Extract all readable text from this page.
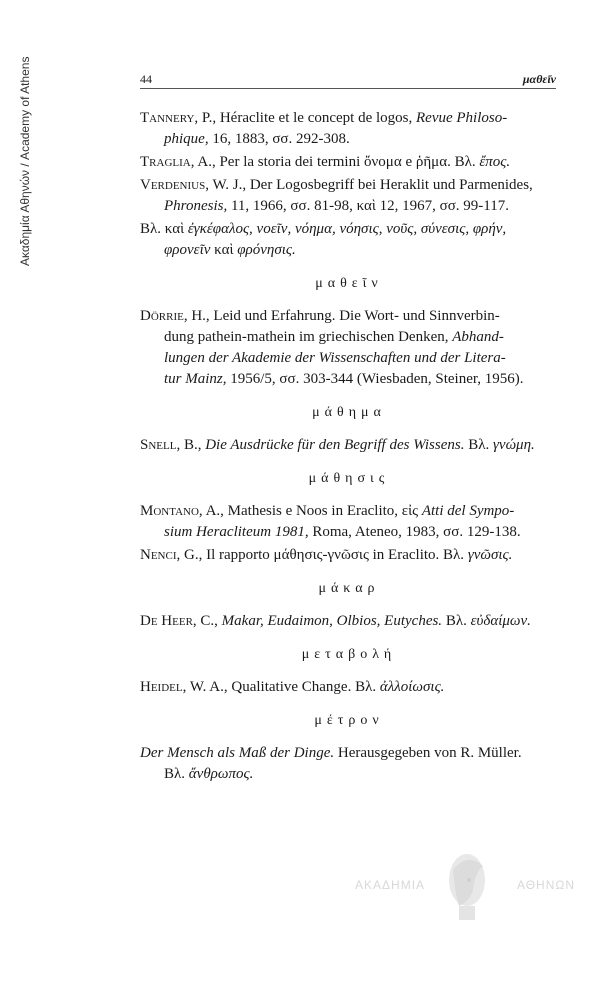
Ακαδημία Αθηνών / Academy of Athens	44	μαθεῖν

Tannery, P., Héraclite et le concept de logos, Revue Philoso-
phique, 16, 1883, σσ. 292-308.

Traglia, A., Per la storia dei termini ὄνομα e ῥῆμα. Βλ. ἔπος.

Verdenius, W. J., Der Logosbegriff bei Heraklit und Parmenides,
Phronesis, 11, 1966, σσ. 81-98, καὶ 12, 1967, σσ. 99-117.

Βλ. καὶ ἐγκέφαλος, νοεῖν, νόημα, νόησις, νοῦς, σύνεσις, φρήν,
φρονεῖν καὶ φρόνησις.

μαθεῖν

Dörrie, H., Leid und Erfahrung. Die Wort- und Sinnverbin-
dung pathein-mathein im griechischen Denken, Abhand-
lungen der Akademie der Wissenschaften und der Litera-
tur Mainz, 1956/5, σσ. 303-344 (Wiesbaden, Steiner, 1956).

μάθημα

Snell, B., Die Ausdrücke für den Begriff des Wissens. Βλ. γνώμη.

μάθησις

Montano, A., Mathesis e Noos in Eraclito, εἰς Atti del Sympo-
sium Heracliteum 1981, Roma, Ateneo, 1983, σσ. 129-138.

Nenci, G., Il rapporto μάθησις-γνῶσις in Eraclito. Βλ. γνῶσις.

μάκαρ

De Heer, C., Makar, Eudaimon, Olbios, Eutyches. Βλ. εὐδαίμων.

μεταβολή

Heidel, W. A., Qualitative Change. Βλ. ἀλλοίωσις.

μέτρον

Der Mensch als Maß der Dinge. Herausgegeben von R. Müller.
Βλ. ἄνθρωπος.

ΑΚΑΔΗΜΙΑ	ΑΘΗΝΩΝ
